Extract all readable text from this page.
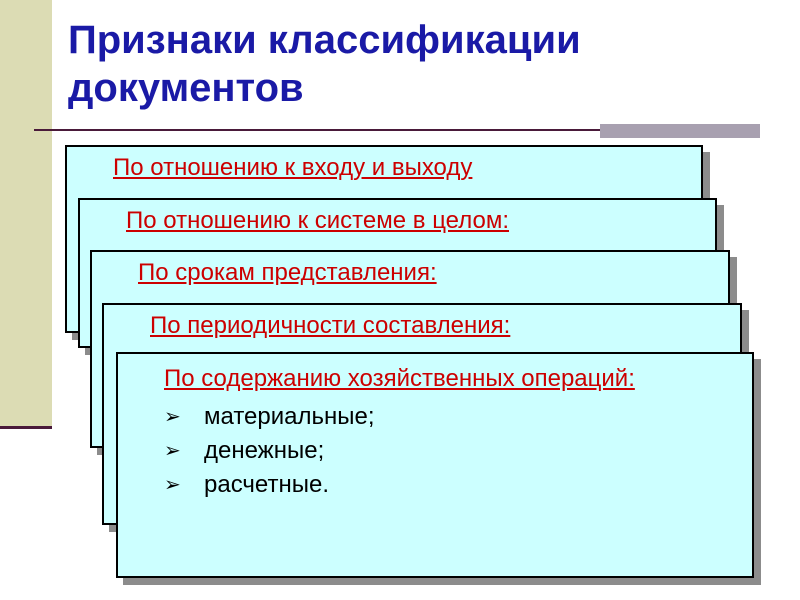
Признаки классификации документов

По отношению к входу и выходу

По отношению к системе в целом:

По срокам представления:

По периодичности составления:

По содержанию хозяйственных операций:

➢ материальные;
➢ денежные;
➢ расчетные.
